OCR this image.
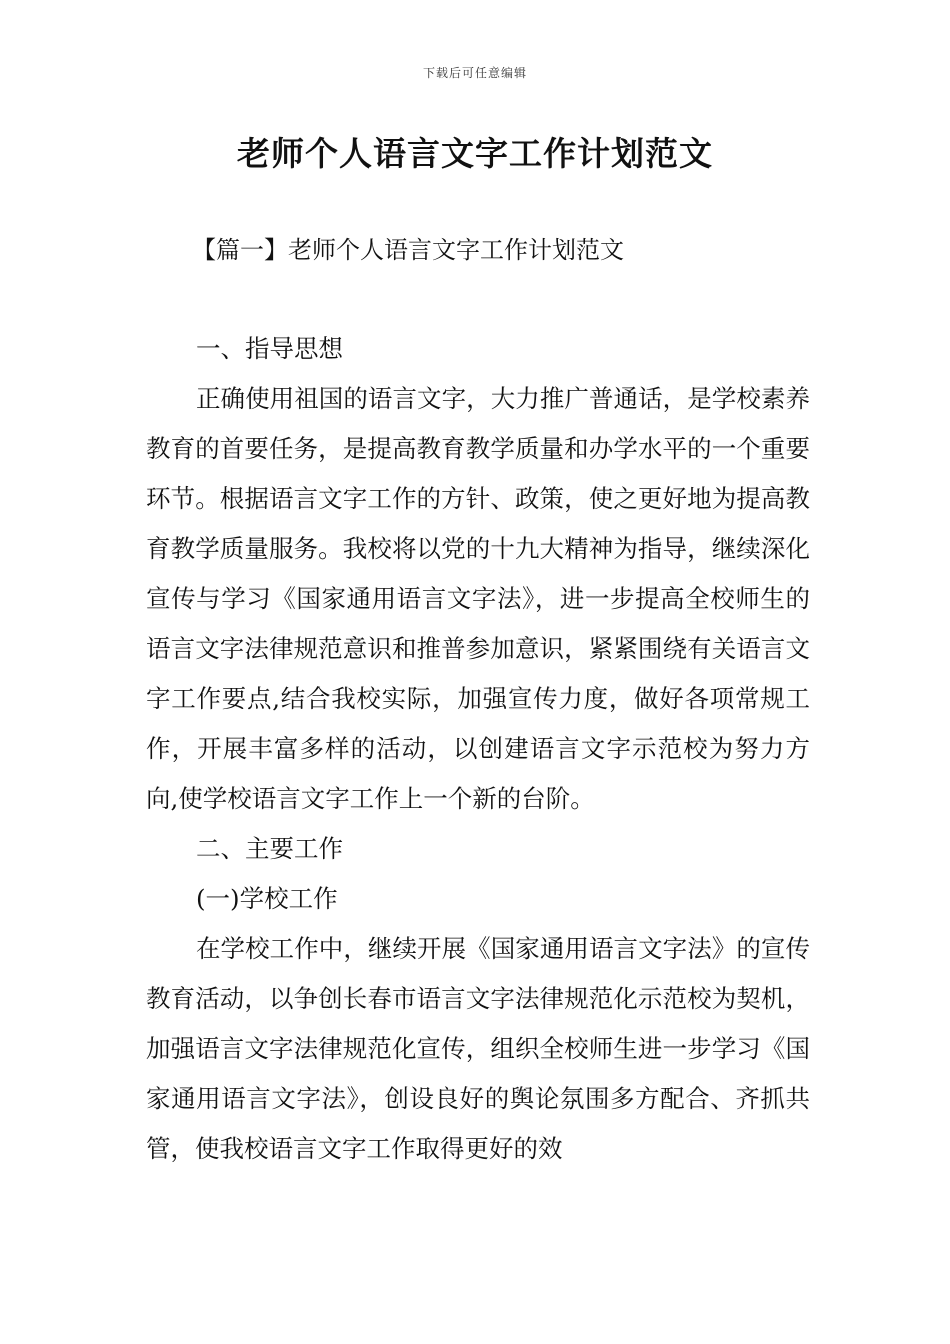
下载后可任意编辑
老师个人语言文字工作计划范文
【篇一】老师个人语言文字工作计划范文

一、指导思想

正确使用祖国的语言文字，大力推广普通话，是学校素养教育的首要任务，是提高教育教学质量和办学水平的一个重要环节。根据语言文字工作的方针、政策，使之更好地为提高教育教学质量服务。我校将以党的十九大精神为指导，继续深化宣传与学习《国家通用语言文字法》，进一步提高全校师生的语言文字法律规范意识和推普参加意识，紧紧围绕有关语言文字工作要点,结合我校实际，加强宣传力度，做好各项常规工作，开展丰富多样的活动，以创建语言文字示范校为努力方向,使学校语言文字工作上一个新的台阶。

二、主要工作

(一)学校工作

在学校工作中，继续开展《国家通用语言文字法》的宣传教育活动，以争创长春市语言文字法律规范化示范校为契机，加强语言文字法律规范化宣传，组织全校师生进一步学习《国家通用语言文字法》，创设良好的舆论氛围多方配合、齐抓共管，使我校语言文字工作取得更好的效
